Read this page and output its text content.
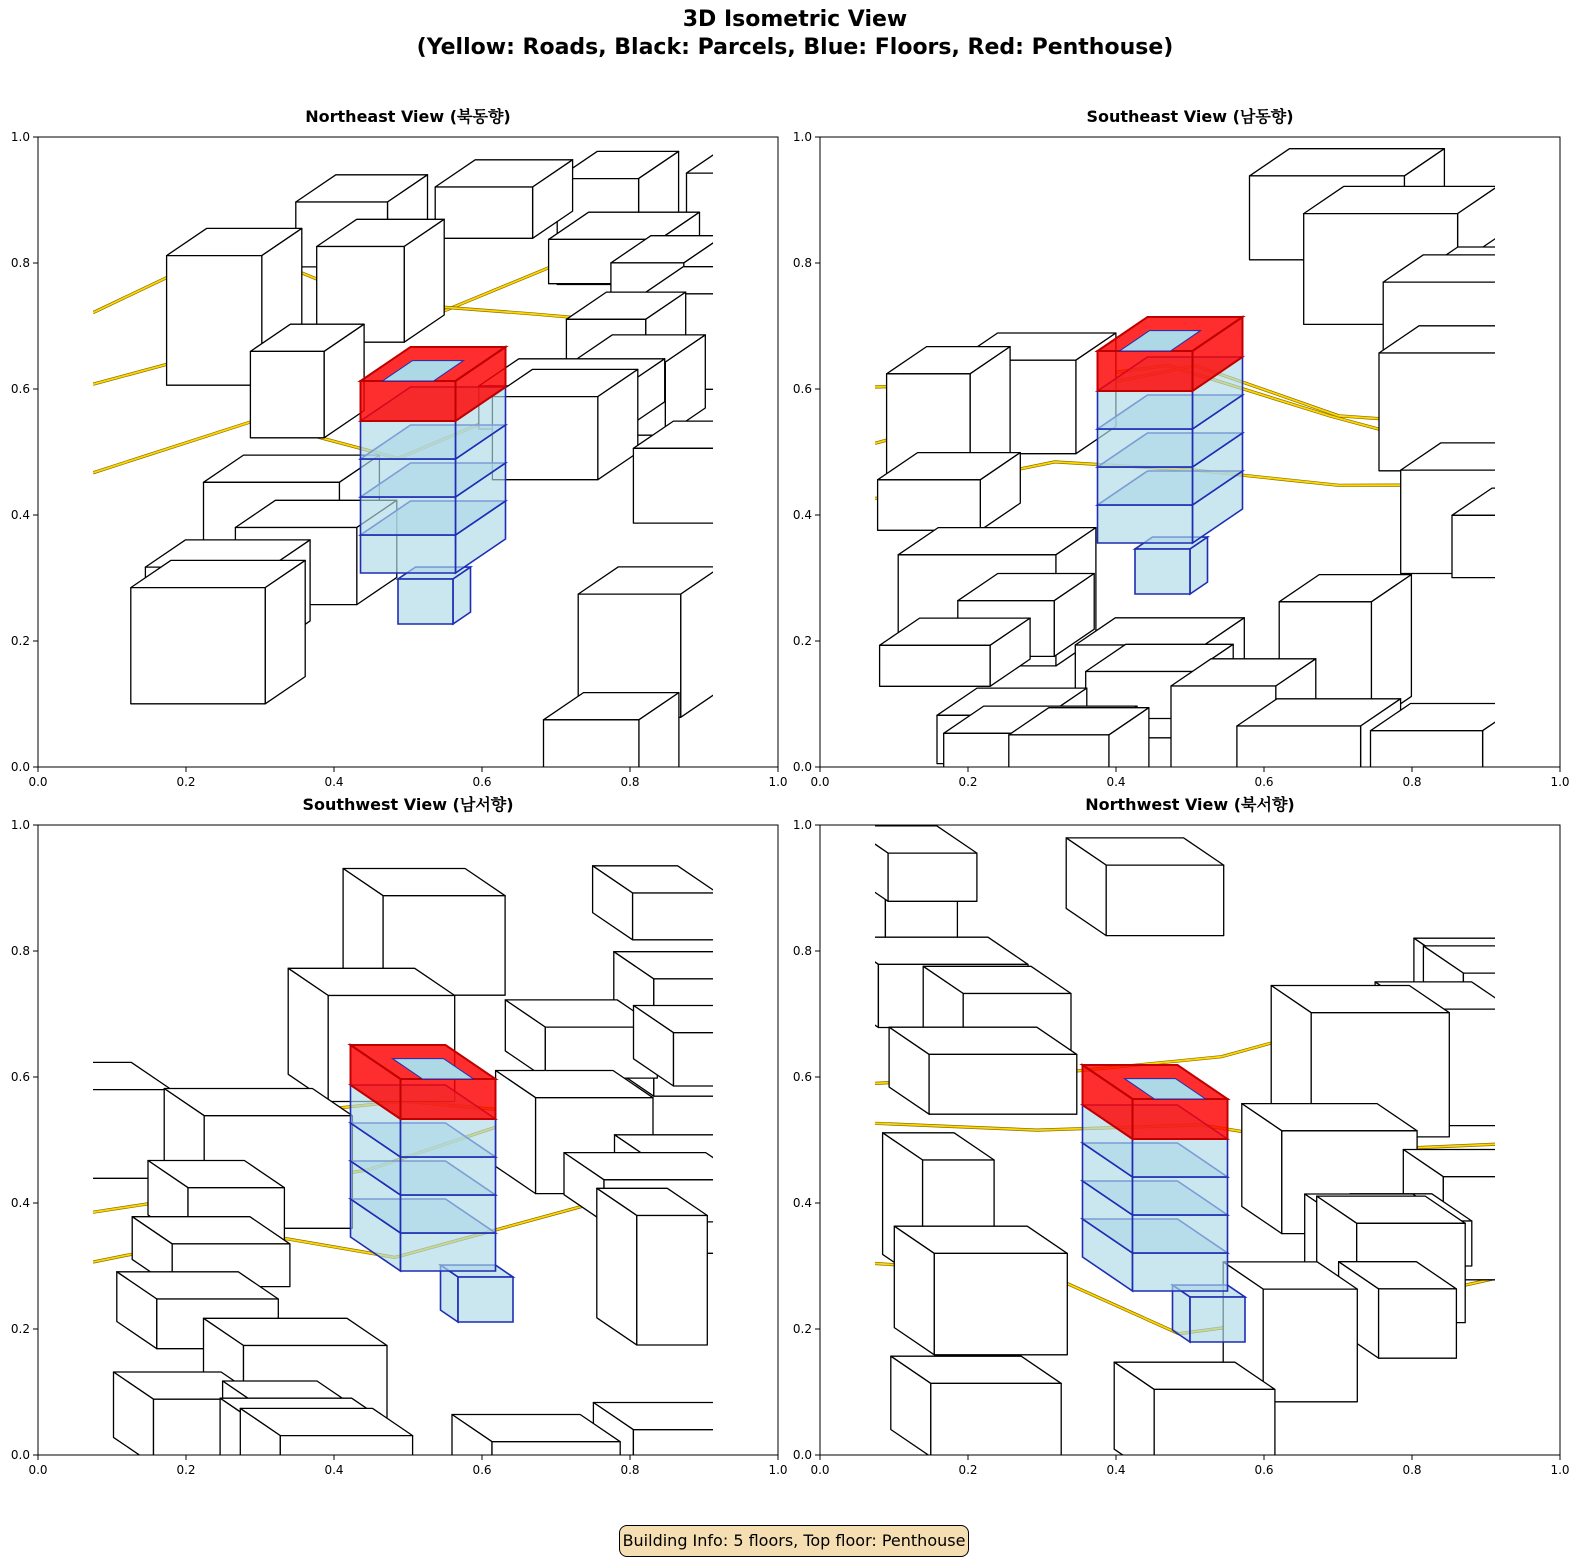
3D Isometric View
(Yellow: Roads, Black: Parcels, Blue: Floors, Red: Penthouse)
Northeast View (북동향)
0.0	0.2	0.4	0.6	0.8	1.0
0.0
0.2
0.4
0.6
0.8
1.0
Southeast View (남동향)
0.0	0.2	0.4	0.6	0.8	1.0
0.0
0.2
0.4
0.6
0.8
1.0
Southwest View (남서향)
0.0	0.2	0.4	0.6	0.8	1.0
0.0
0.2
0.4
0.6
0.8
1.0
Northwest View (북서향)
0.0	0.2	0.4	0.6	0.8	1.0
0.0
0.2
0.4
0.6
0.8
1.0
Building Info: 5 floors, Top floor: Penthouse
